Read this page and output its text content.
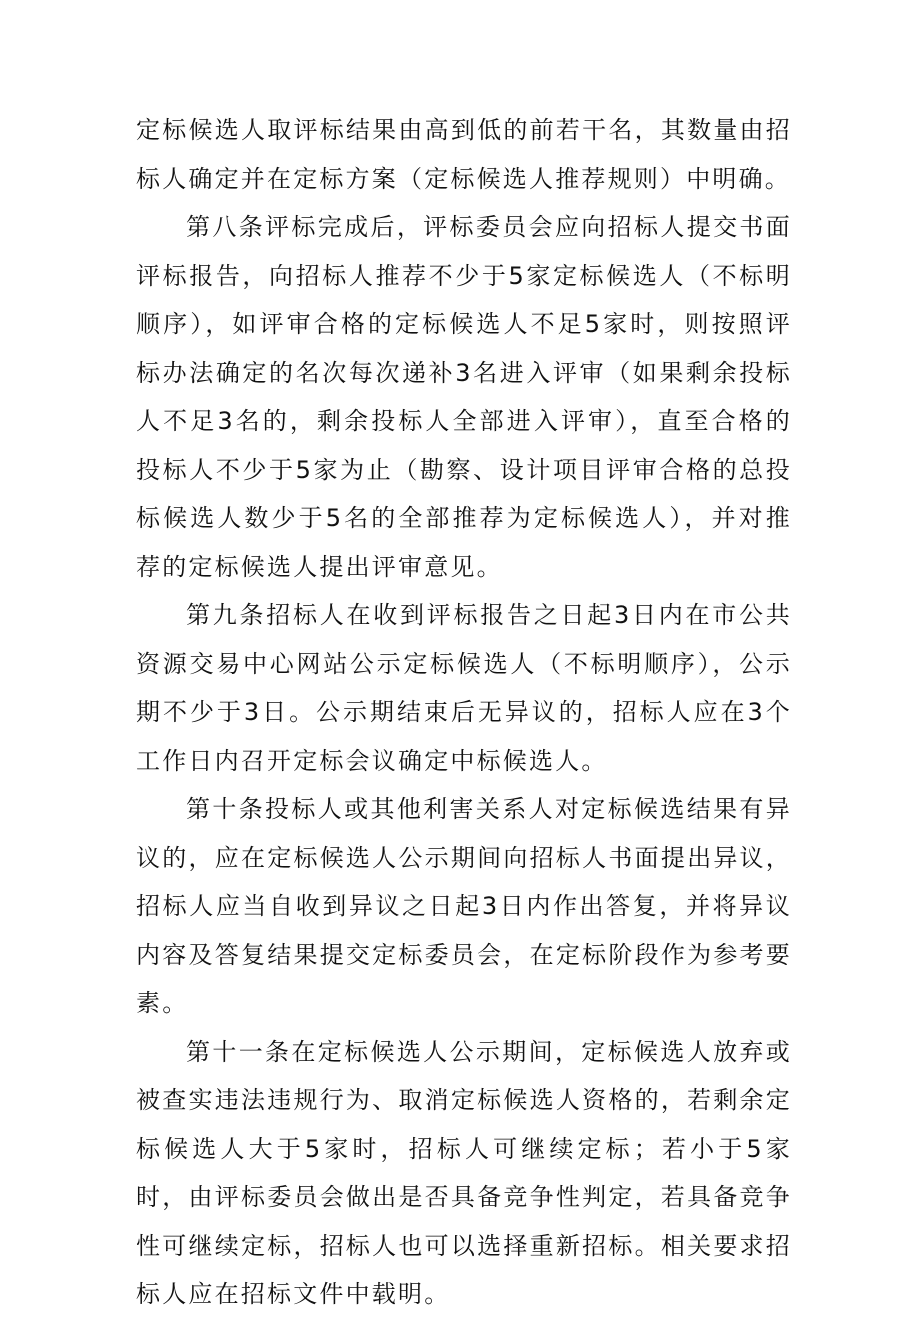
定标候选人取评标结果由高到低的前若干名，其数量由招标人确定并在定标方案（定标候选人推荐规则）中明确。

第八条评标完成后，评标委员会应向招标人提交书面评标报告，向招标人推荐不少于5家定标候选人（不标明顺序），如评审合格的定标候选人不足5家时，则按照评标办法确定的名次每次递补3名进入评审（如果剩余投标人不足3名的，剩余投标人全部进入评审），直至合格的投标人不少于5家为止（勘察、设计项目评审合格的总投标候选人数少于5名的全部推荐为定标候选人），并对推荐的定标候选人提出评审意见。

第九条招标人在收到评标报告之日起3日内在市公共资源交易中心网站公示定标候选人（不标明顺序），公示期不少于3日。公示期结束后无异议的，招标人应在3个工作日内召开定标会议确定中标候选人。

第十条投标人或其他利害关系人对定标候选结果有异议的，应在定标候选人公示期间向招标人书面提出异议，招标人应当自收到异议之日起3日内作出答复，并将异议内容及答复结果提交定标委员会，在定标阶段作为参考要素。

第十一条在定标候选人公示期间，定标候选人放弃或被查实违法违规行为、取消定标候选人资格的，若剩余定标候选人大于5家时，招标人可继续定标；若小于5家时，由评标委员会做出是否具备竞争性判定，若具备竞争性可继续定标，招标人也可以选择重新招标。相关要求招标人应在招标文件中载明。
